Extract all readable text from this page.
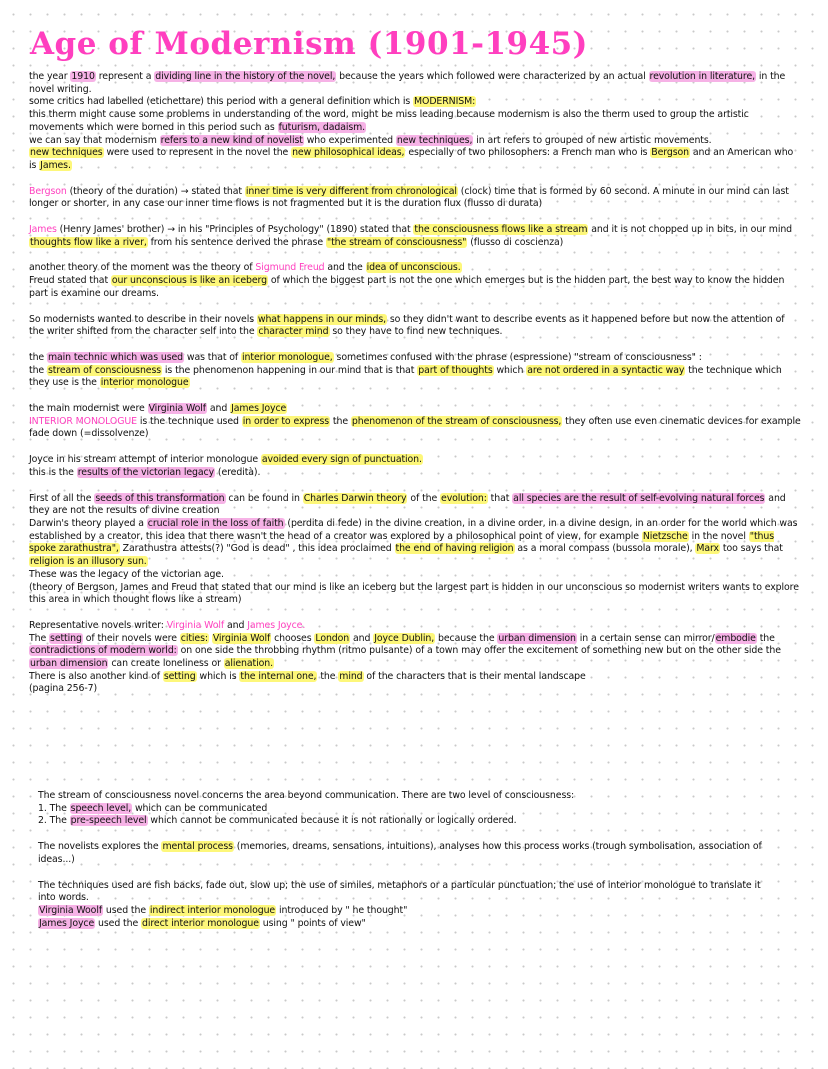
Age of Modernism (1901-1945)

the year 1910 represent a dividing line in the history of the novel, because the years which followed were characterized by an actual revolution in literature, in the novel writing.
some critics had labelled (etichettare) this period with a general definition which is MODERNISM:
this therm might cause some problems in understanding of the word, might be miss leading because modernism is also the therm used to group the artistic movements which were borned in this period such as futurism, dadaism.
we can say that modernism refers to a new kind of novelist who experimented new techniques, in art refers to grouped of new artistic movements.
new techniques were used to represent in the novel the new philosophical ideas, especially of two philosophers: a French man who is Bergson and an American who is James.

Bergson (theory of the duration) → stated that inner time is very different from chronological (clock) time that is formed by 60 second. A minute in our mind can last longer or shorter, in any case our inner time flows is not fragmented but it is the duration flux (flusso di durata)

James (Henry James' brother) → in his "Principles of Psychology" (1890) stated that the consciousness flows like a stream and it is not chopped up in bits, in our mind thoughts flow like a river, from his sentence derived the phrase "the stream of consciousness" (flusso di coscienza)

another theory of the moment was the theory of Sigmund Freud and the idea of unconscious.
Freud stated that our unconscious is like an iceberg of which the biggest part is not the one which emerges but is the hidden part, the best way to know the hidden part is examine our dreams.

So modernists wanted to describe in their novels what happens in our minds, so they didn't want to describe events as it happened before but now the attention of the writer shifted from the character self into the character mind so they have to find new techniques.

the main technic which was used was that of interior monologue, sometimes confused with the phrase (espressione) "stream of consciousness" :
the stream of consciousness is the phenomenon happening in our mind that is that part of thoughts which are not ordered in a syntactic way the technique which they use is the interior monologue

the main modernist were Virginia Wolf and James Joyce
INTERIOR MONOLOGUE is the technique used in order to express the phenomenon of the stream of consciousness, they often use even cinematic devices for example fade down (=dissolvenze)

Joyce in his stream attempt of interior monologue avoided every sign of punctuation.
this is the results of the victorian legacy (eredità).

First of all the seeds of this transformation can be found in Charles Darwin theory of the evolution: that all species are the result of self-evolving natural forces and they are not the results of divine creation
Darwin's theory played a crucial role in the loss of faith (perdita di fede) in the divine creation, in a divine order, in a divine design, in an order for the world which was established by a creator, this idea that there wasn't the head of a creator was explored by a philosophical point of view, for example Nietzsche in the novel "thus spoke zarathustra", Zarathustra attests(?) "God is dead" , this idea proclaimed the end of having religion as a moral compass (bussola morale), Marx too says that religion is an illusory sun.
These was the legacy of the victorian age.
(theory of Bergson, James and Freud that stated that our mind is like an iceberg but the largest part is hidden in our unconscious so modernist writers wants to explore this area in which thought flows like a stream)

Representative novels writer: Virginia Wolf and James Joyce.
The setting of their novels were cities: Virginia Wolf chooses London and Joyce Dublin, because the urban dimension in a certain sense can mirror/embodie the contradictions of modern world: on one side the throbbing rhythm (ritmo pulsante) of a town may offer the excitement of something new but on the other side the urban dimension can create loneliness or alienation.
There is also another kind of setting which is the internal one, the mind of the characters that is their mental landscape
(pagina 256-7)

The stream of consciousness novel concerns the area beyond communication. There are two level of consciousness:
1. The speech level, which can be communicated
2. The pre-speech level which cannot be communicated because it is not rationally or logically ordered.

The novelists explores the mental process (memories, dreams, sensations, intuitions), analyses how this process works (trough symbolisation, association of ideas...)

The techniques used are fish backs, fade out, slow up; the use of similes, metaphors or a particular punctuation; the use of interior monologue to translate it into words.
Virginia Woolf used the indirect interior monologue introduced by " he thought"
James Joyce used the direct interior monologue using " points of view"
